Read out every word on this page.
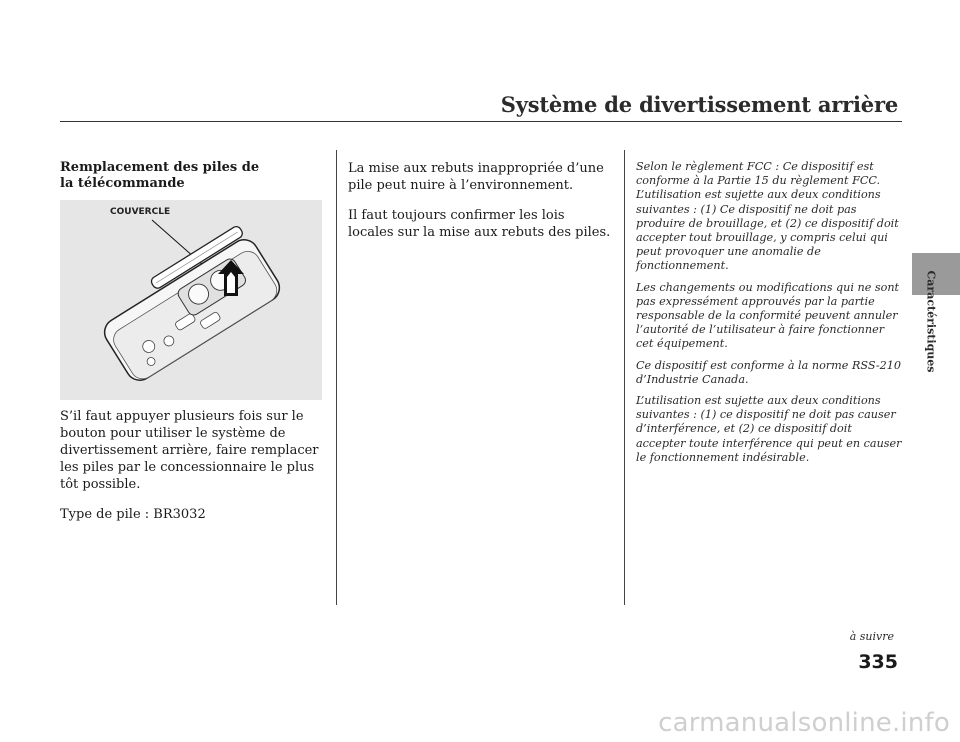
Système de divertissement arrière
Caractéristiques
Remplacement des piles de la télécommande
COUVERCLE

S’il faut appuyer plusieurs fois sur le bouton pour utiliser le système de divertissement arrière, faire remplacer les piles par le concessionnaire le plus tôt possible.

Type de pile : BR3032

La mise aux rebuts inappropriée d’une pile peut nuire à l’environnement.

Il faut toujours confirmer les lois locales sur la mise aux rebuts des piles.

Selon le règlement FCC : Ce dispositif est conforme à la Partie 15 du règlement FCC. L’utilisation est sujette aux deux conditions suivantes : (1) Ce dispositif ne doit pas produire de brouillage, et (2) ce dispositif doit accepter tout brouillage, y compris celui qui peut provoquer une anomalie de fonctionnement.

Les changements ou modifications qui ne sont pas expressément approuvés par la partie responsable de la conformité peuvent annuler l’autorité de l’utilisateur à faire fonctionner cet équipement.

Ce dispositif est conforme à la norme RSS-210 d’Industrie Canada.

L’utilisation est sujette aux deux conditions suivantes : (1) ce dispositif ne doit pas causer d’interférence, et (2) ce dispositif doit accepter toute interférence qui peut en causer le fonctionnement indésirable.

à suivre
335
carmanualsonline.info
